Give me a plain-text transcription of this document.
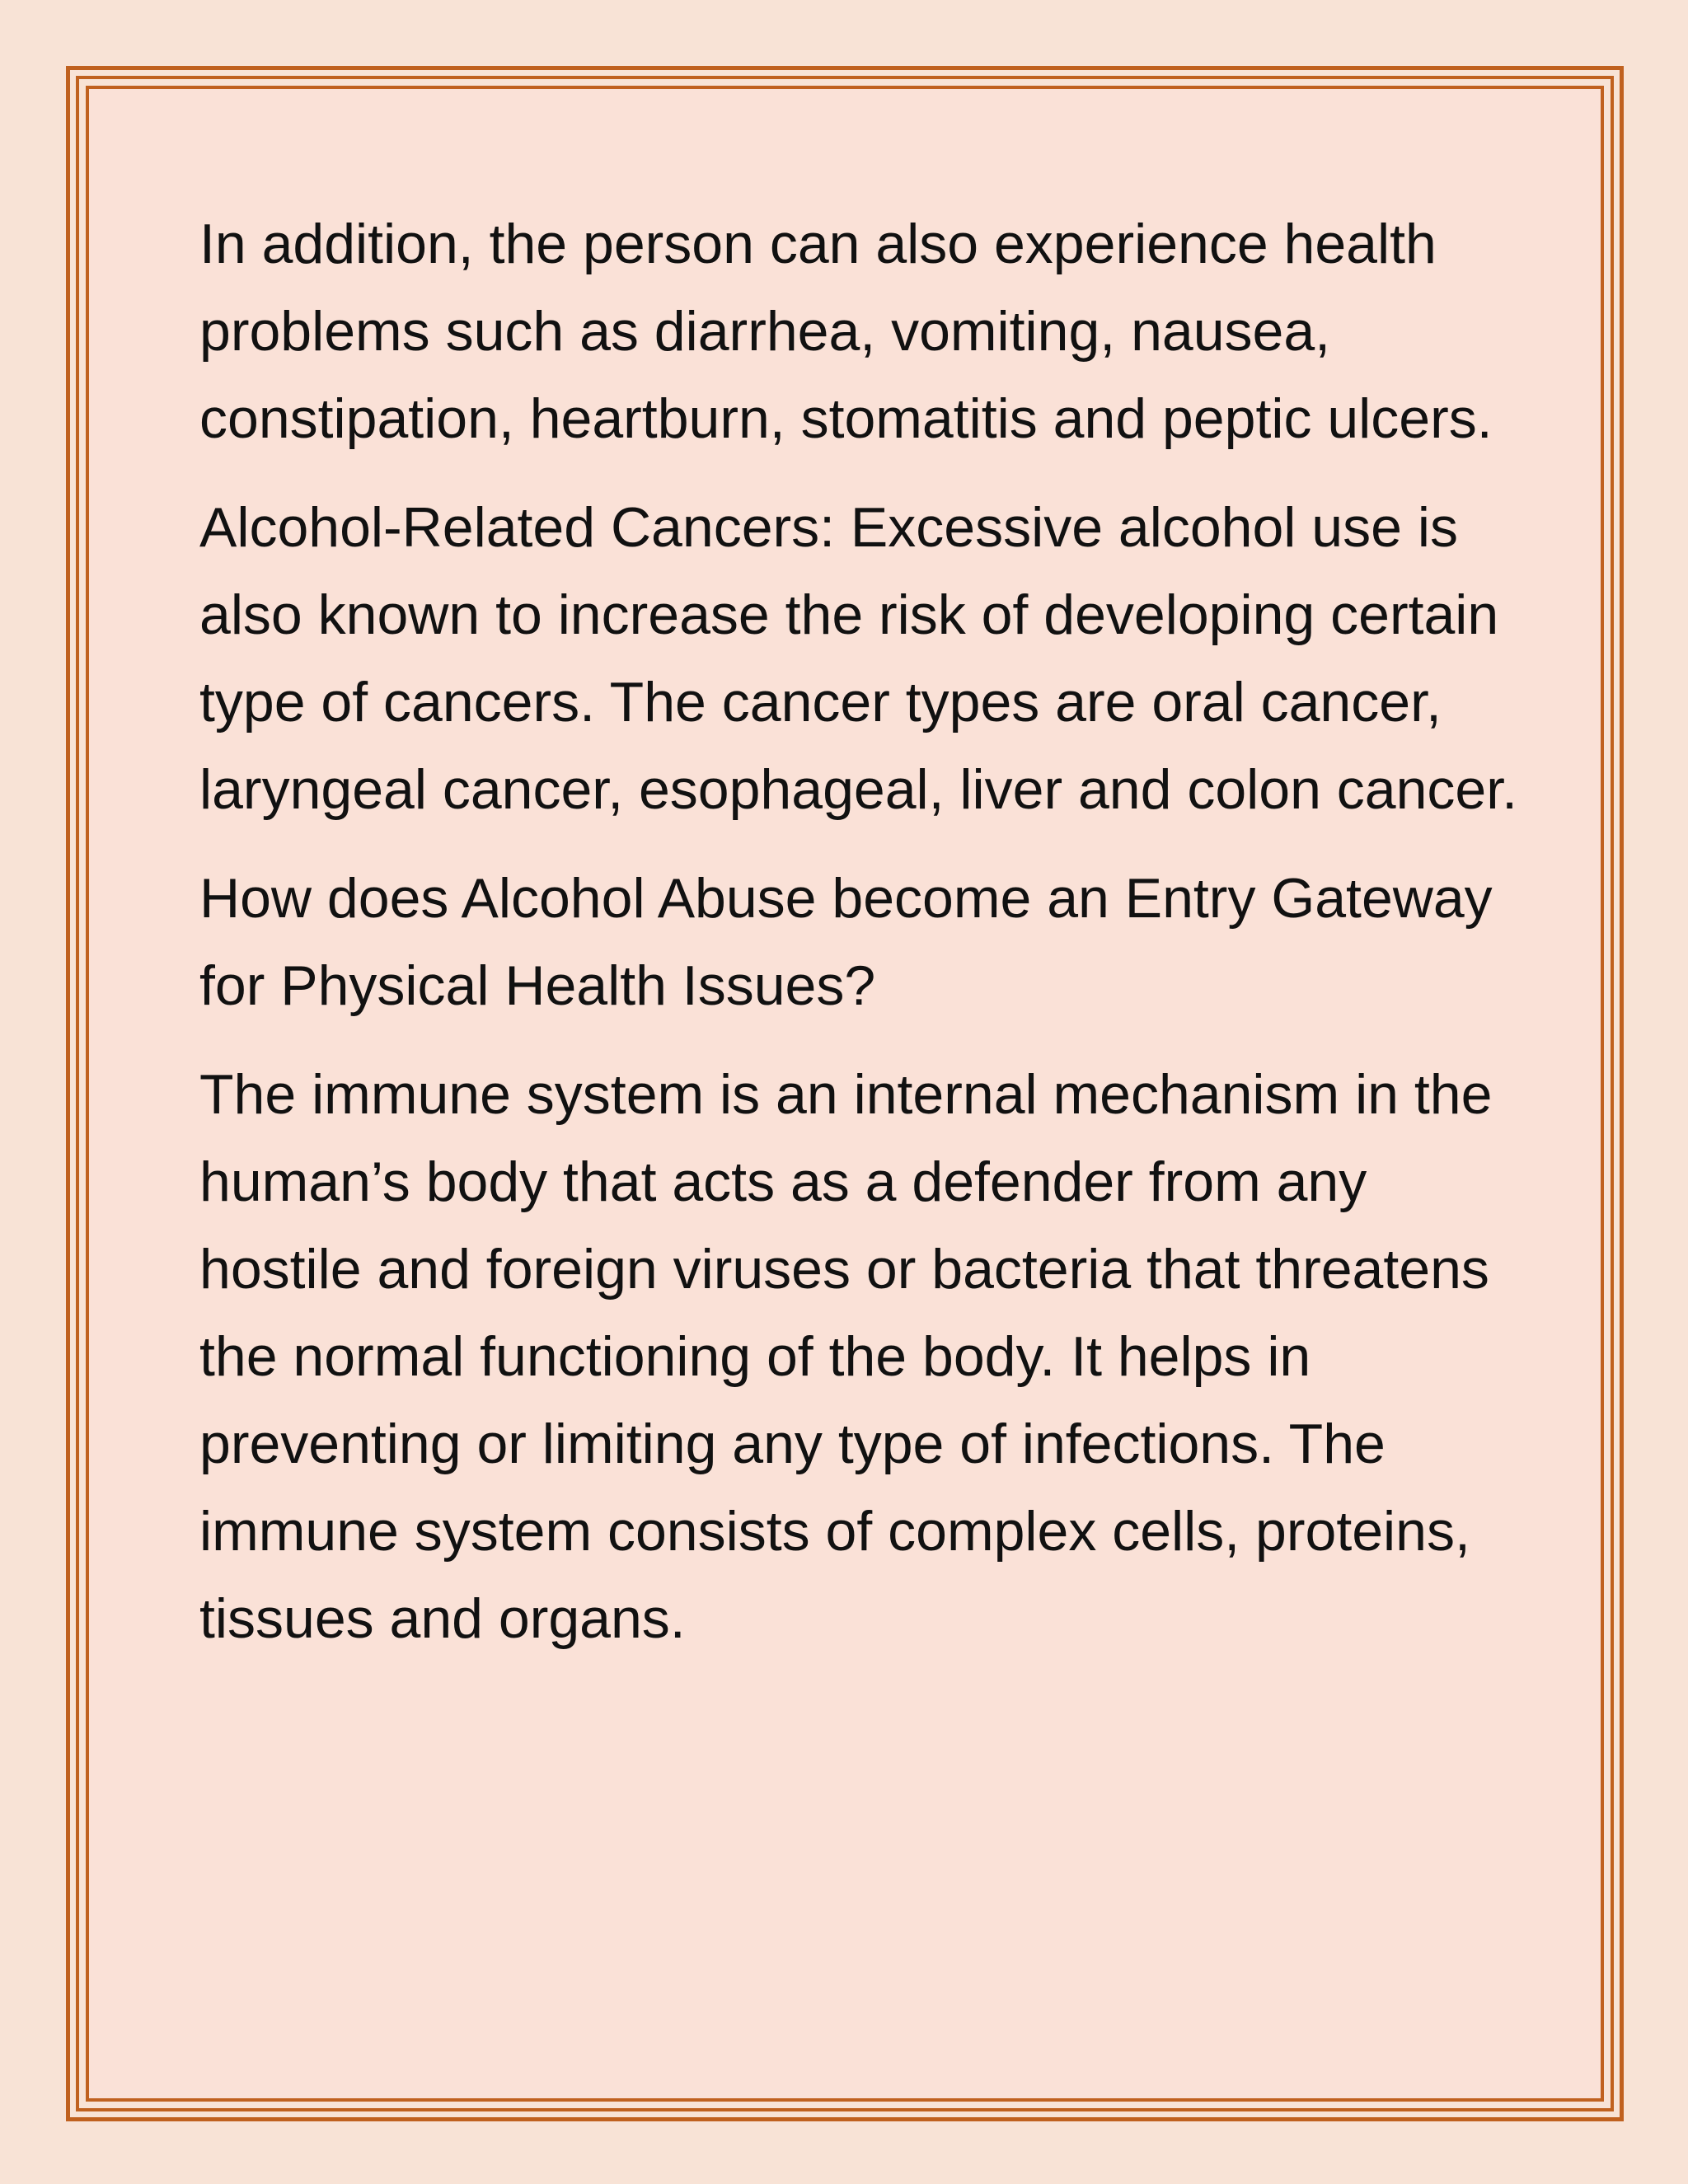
In addition, the person can also experience health problems such as diarrhea, vomiting, nausea, constipation, heartburn, stomatitis and peptic ulcers.

Alcohol-Related Cancers: Excessive alcohol use is also known to increase the risk of developing certain type of cancers. The cancer types are oral cancer, laryngeal cancer, esophageal, liver and colon cancer.

How does Alcohol Abuse become an Entry Gateway for Physical Health Issues?

The immune system is an internal mechanism in the human’s body that acts as a defender from any hostile and foreign viruses or bacteria that threatens the normal functioning of the body. It helps in preventing or limiting any type of infections. The immune system consists of complex cells, proteins, tissues and organs.
